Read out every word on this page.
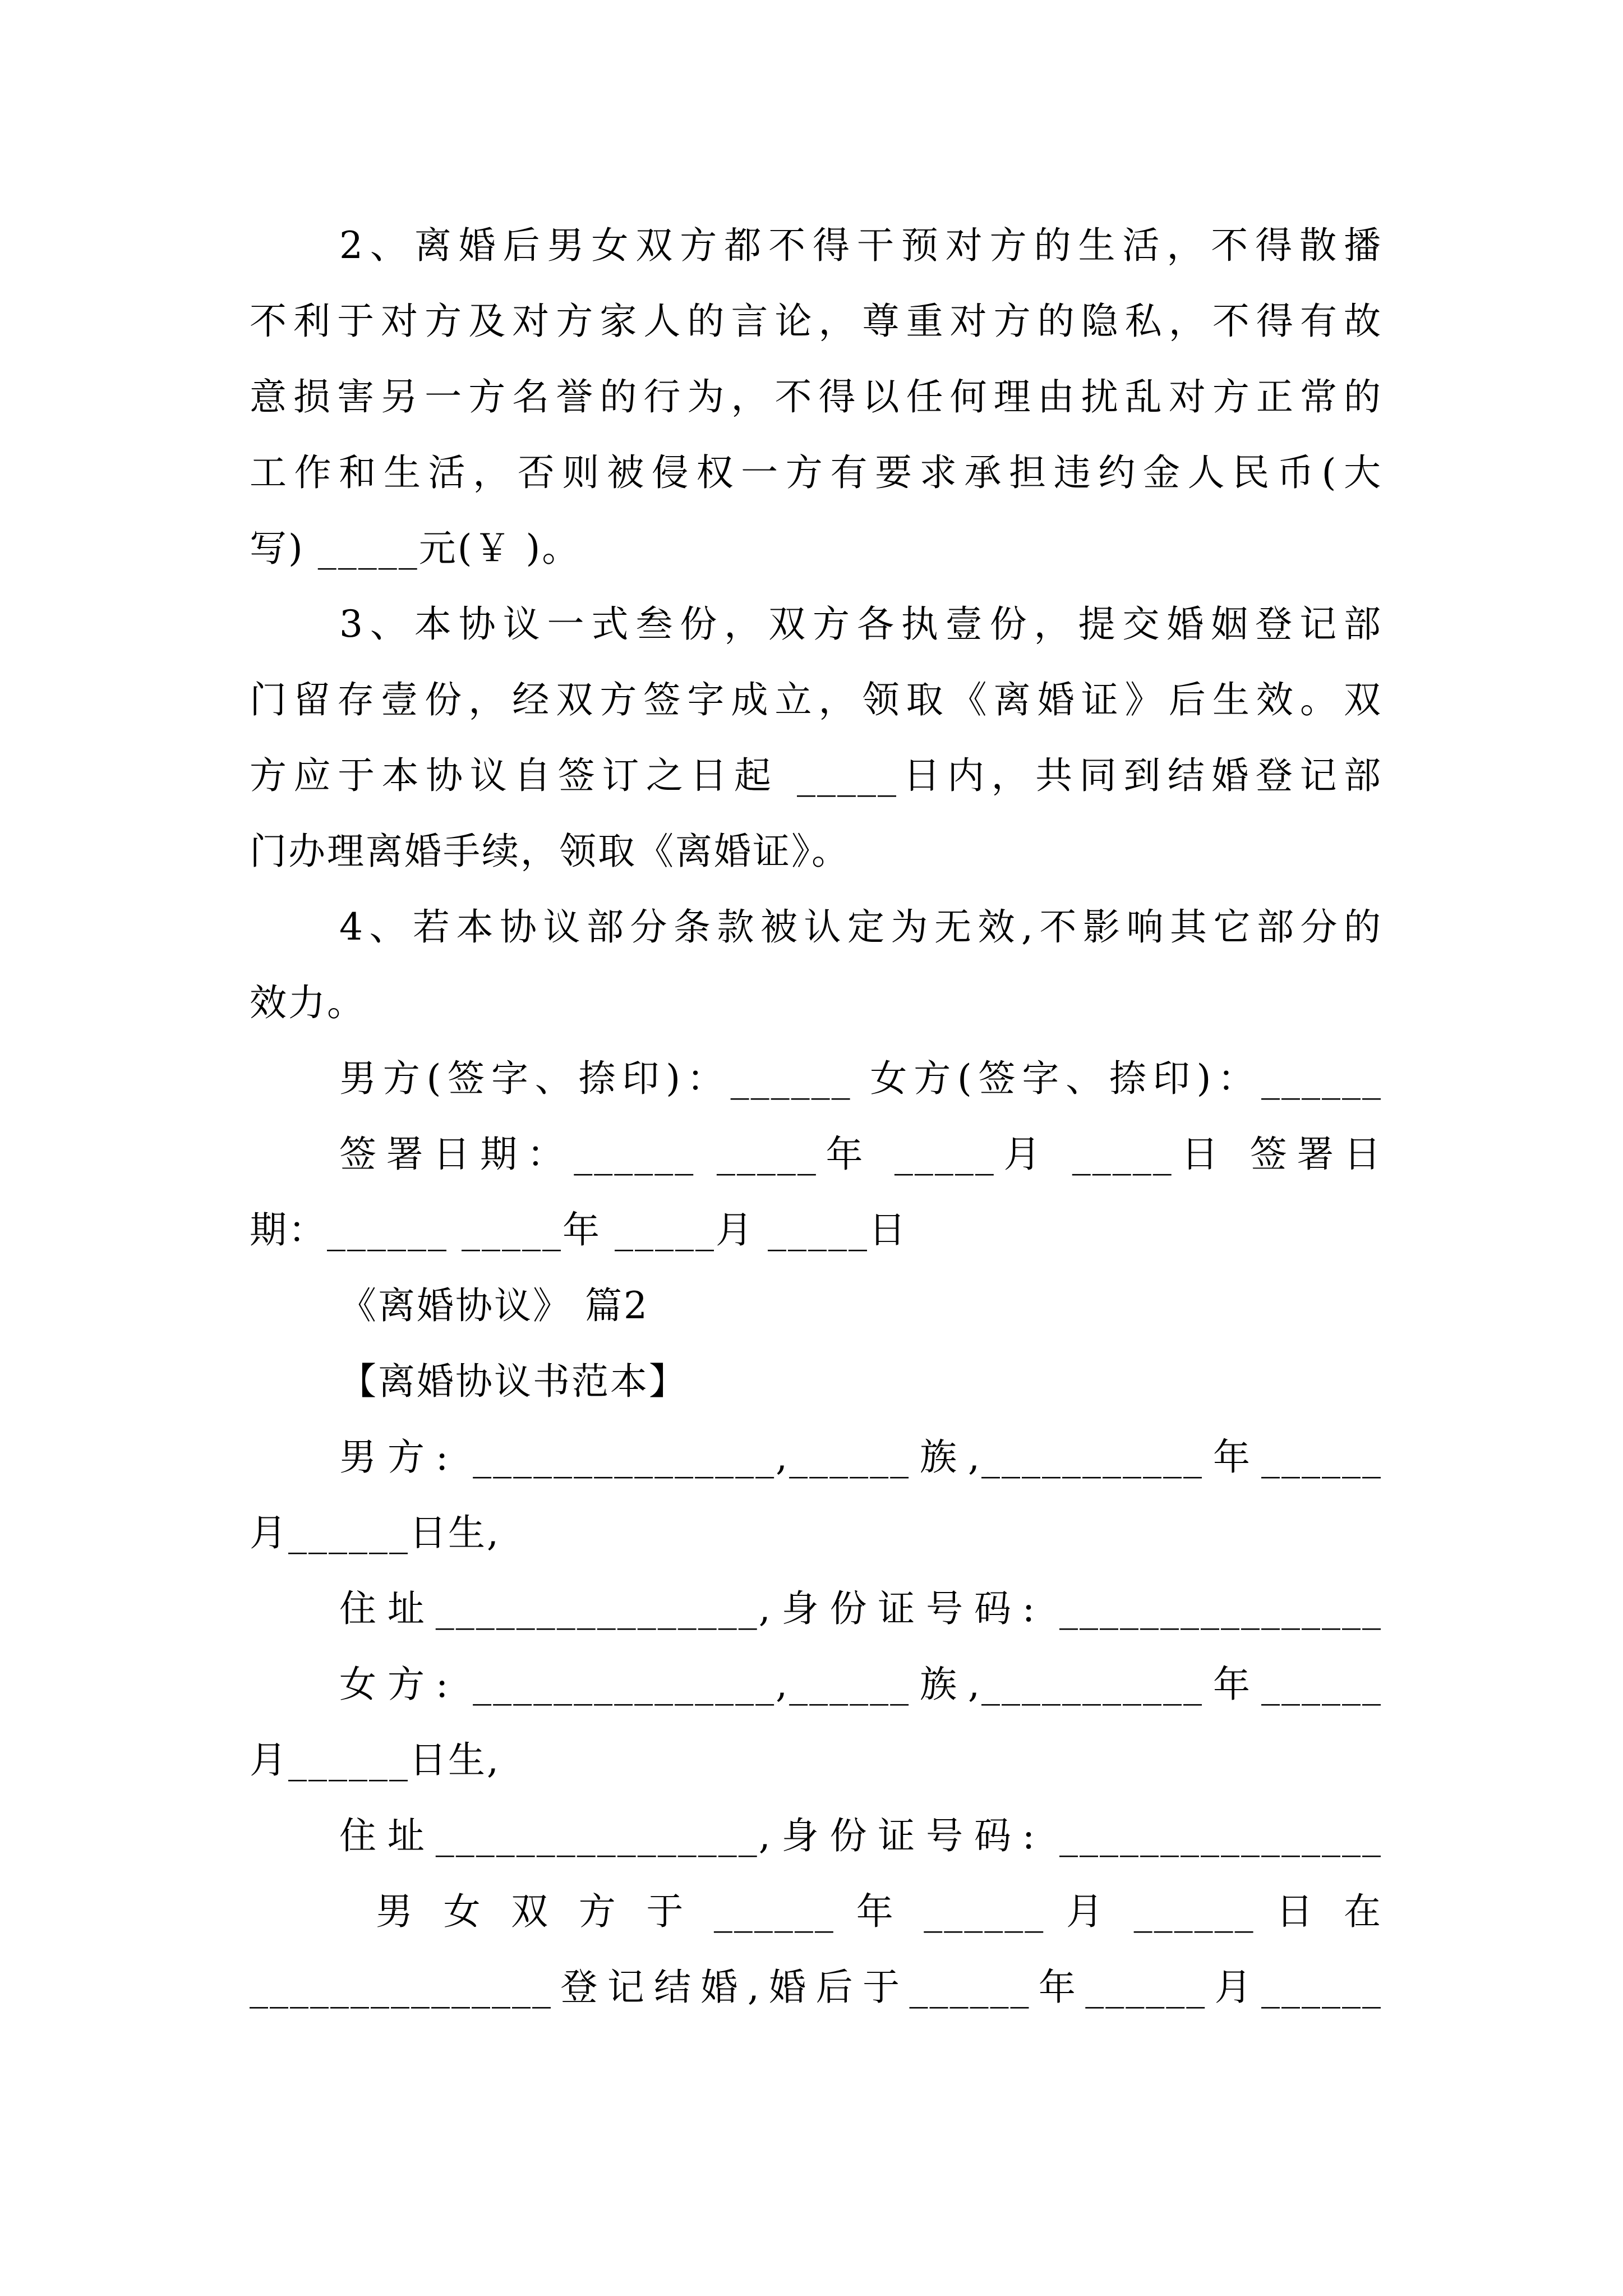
2、离婚后男女双方都不得干预对方的生活，不得散播
不利于对方及对方家人的言论，尊重对方的隐私，不得有故
意损害另一方名誉的行为，不得以任何理由扰乱对方正常的
工作和生活，否则被侵权一方有要求承担违约金人民币(大
写) _____元(￥ )。
3、本协议一式叁份，双方各执壹份，提交婚姻登记部
门留存壹份，经双方签字成立，领取《离婚证》后生效。双
方应于本协议自签订之日起 _____日内，共同到结婚登记部
门办理离婚手续，领取《离婚证》。
4、若本协议部分条款被认定为无效,不影响其它部分的
效力。
男方(签字、捺印)：______ 女方(签字、捺印)：______
签署日期：______ _____年 _____月 _____日 签署日
期：______ _____年 _____月 _____日
《离婚协议》 篇2
【离婚协议书范本】
男方: _______________,______族,___________年______
月______日生,
住址________________,身份证号码: ________________
女方: _______________,______族,___________年______
月______日生,
住址________________,身份证号码: ________________
男 女 双 方 于 ______ 年 ______ 月 ______ 日 在
_______________登记结婚,婚后于______年______月______
